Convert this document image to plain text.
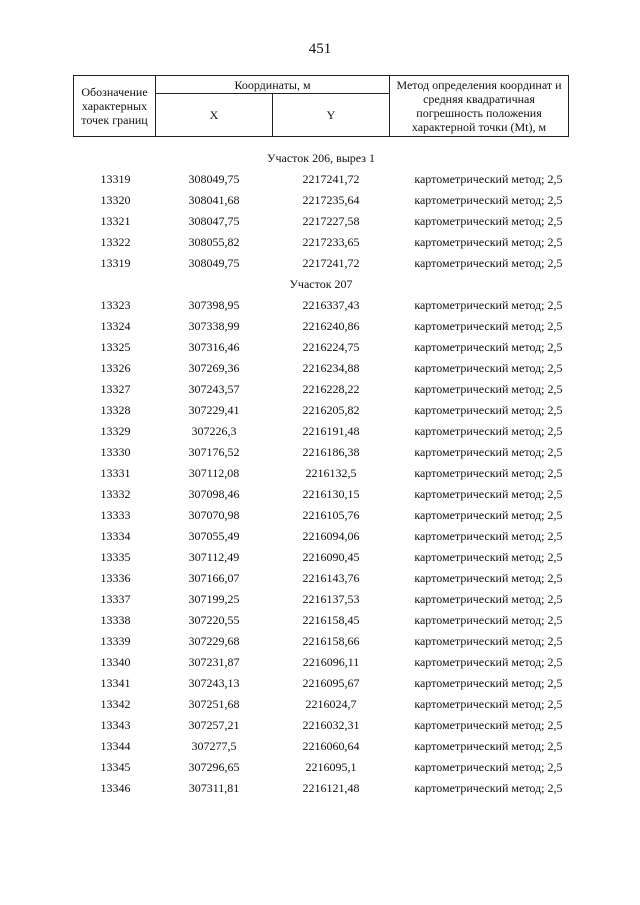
451
Обозначение характерных точек границ	Координаты, м		Метод определения координат и средняя квадратичная погрешность положения характерной точки (Mt), м
	X	Y	

Участок 206, вырез 1			
13319	308049,75	2217241,72	картометрический метод; 2,5
13320	308041,68	2217235,64	картометрический метод; 2,5
13321	308047,75	2217227,58	картометрический метод; 2,5
13322	308055,82	2217233,65	картометрический метод; 2,5
13319	308049,75	2217241,72	картометрический метод; 2,5
Участок 207			
13323	307398,95	2216337,43	картометрический метод; 2,5
13324	307338,99	2216240,86	картометрический метод; 2,5
13325	307316,46	2216224,75	картометрический метод; 2,5
13326	307269,36	2216234,88	картометрический метод; 2,5
13327	307243,57	2216228,22	картометрический метод; 2,5
13328	307229,41	2216205,82	картометрический метод; 2,5
13329	307226,3	2216191,48	картометрический метод; 2,5
13330	307176,52	2216186,38	картометрический метод; 2,5
13331	307112,08	2216132,5	картометрический метод; 2,5
13332	307098,46	2216130,15	картометрический метод; 2,5
13333	307070,98	2216105,76	картометрический метод; 2,5
13334	307055,49	2216094,06	картометрический метод; 2,5
13335	307112,49	2216090,45	картометрический метод; 2,5
13336	307166,07	2216143,76	картометрический метод; 2,5
13337	307199,25	2216137,53	картометрический метод; 2,5
13338	307220,55	2216158,45	картометрический метод; 2,5
13339	307229,68	2216158,66	картометрический метод; 2,5
13340	307231,87	2216096,11	картометрический метод; 2,5
13341	307243,13	2216095,67	картометрический метод; 2,5
13342	307251,68	2216024,7	картометрический метод; 2,5
13343	307257,21	2216032,31	картометрический метод; 2,5
13344	307277,5	2216060,64	картометрический метод; 2,5
13345	307296,65	2216095,1	картометрический метод; 2,5
13346	307311,81	2216121,48	картометрический метод; 2,5
